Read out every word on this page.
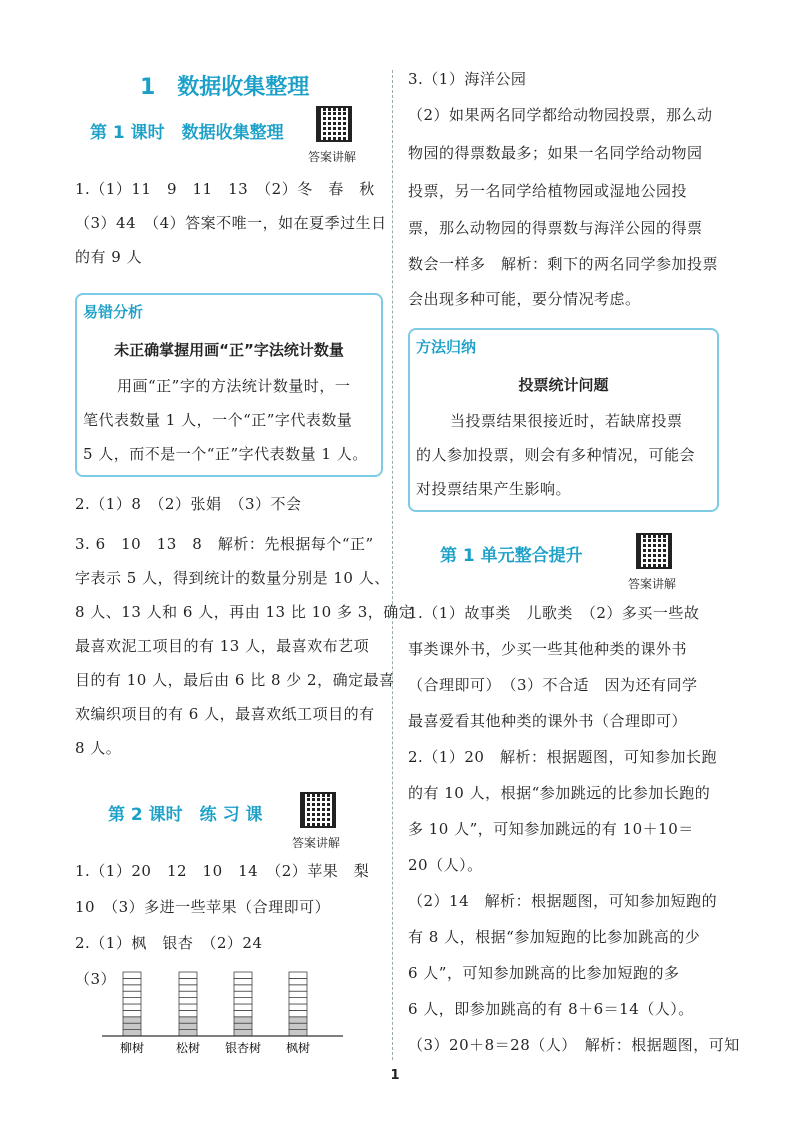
1　数据收集整理
第 1 课时　数据收集整理
答案讲解
1.（1）11　9　11　13　（2）冬　春　秋
（3）44　（4）答案不唯一，如在夏季过生日
的有 9 人
易错分析
未正确掌握用画“正”字法统计数量
用画“正”字的方法统计数量时，一
笔代表数量 1 人，一个“正”字代表数量
5 人，而不是一个“正”字代表数量 1 人。
2.（1）8　（2）张娟　（3）不会
3. 6　10　13　8　解析：先根据每个“正”
字表示 5 人，得到统计的数量分别是 10 人、
8 人、13 人和 6 人，再由 13 比 10 多 3，确定
最喜欢泥工项目的有 13 人，最喜欢布艺项
目的有 10 人，最后由 6 比 8 少 2，确定最喜
欢编织项目的有 6 人，最喜欢纸工项目的有
8 人。
第 2 课时　练 习 课
答案讲解
1.（1）20　12　10　14　（2）苹果　梨
10　（3）多进一些苹果（合理即可）
2.（1）枫　银杏　（2）24
（3）
柳树	松树 银杏树 枫树
3.（1）海洋公园
（2）如果两名同学都给动物园投票，那么动
物园的得票数最多；如果一名同学给动物园
投票，另一名同学给植物园或湿地公园投
票，那么动物园的得票数与海洋公园的得票
数会一样多　解析：剩下的两名同学参加投票
会出现多种可能，要分情况考虑。
方法归纳
投票统计问题
当投票结果很接近时，若缺席投票
的人参加投票，则会有多种情况，可能会
对投票结果产生影响。
第 1 单元整合提升
答案讲解
1.（1）故事类　儿歌类　（2）多买一些故
事类课外书，少买一些其他种类的课外书
（合理即可）　（3）不合适　因为还有同学
最喜爱看其他种类的课外书（合理即可）
2.（1）20　解析：根据题图，可知参加长跑
的有 10 人，根据“参加跳远的比参加长跑的
多 10 人”，可知参加跳远的有 10＋10＝
20（人）。
（2）14　解析：根据题图，可知参加短跑的
有 8 人，根据“参加短跑的比参加跳高的少
6 人”，可知参加跳高的比参加短跑的多
6 人，即参加跳高的有 8＋6＝14（人）。
（3）20＋8＝28（人）　解析：根据题图，可知
1
